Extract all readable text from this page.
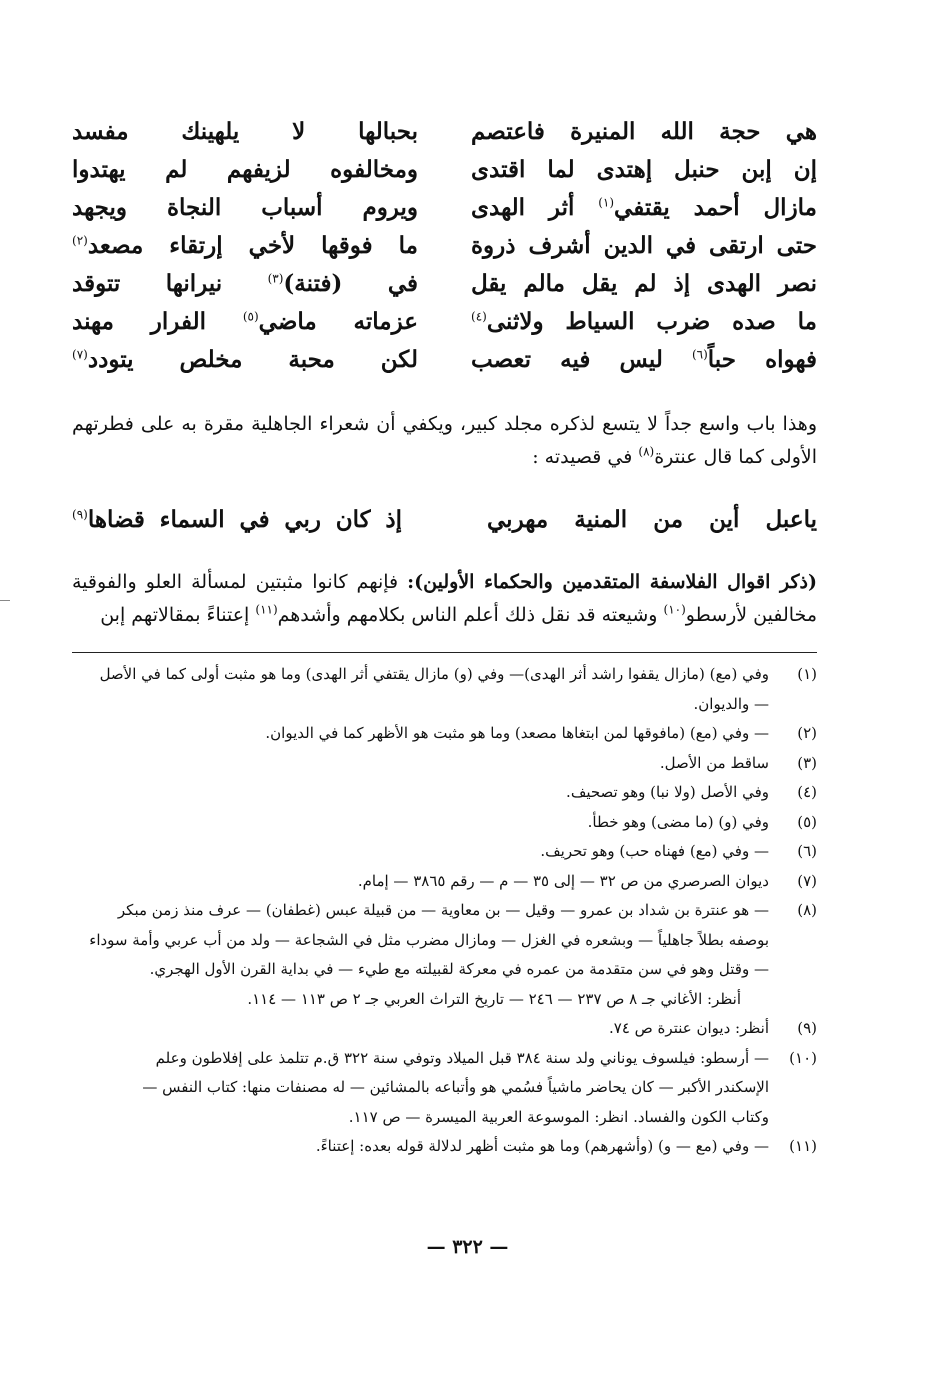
هي حجة الله المنيرة فاعتصم
بحبالها لا يلهينك مفسد
إن إبن حنبل إهتدى لما اقتدى
ومخالفوه لزيفهم لم يهتدوا
مازال أحمد يقتفي$^{(١)}$ أثر الهدى
ويروم أسباب النجاة ويجهد
حتى ارتقى في الدين أشرف ذروة
ما فوقها لأخي إرتقاء مصعد$^{(٢)}$
نصر الهدى إذ لم يقل مالم يقل
في (فتنة)$^{(٣)}$ نيرانها تتوقد
ما صده ضرب السياط ولاثنى$^{(٤)}$
عزماته ماضي$^{(٥)}$ الفرار مهند
فهواه حباً$^{(٦)}$ ليس فيه تعصب
لكن محبة مخلص يتودد$^{(٧)}$
وهذا باب واسع جداً لا يتسع لذكره مجلد كبير، ويكفي أن شعراء الجاهلية مقرة به على فطرتهم الأولى كما قال عنترة$^{(٨)}$ في قصيدته :
ياعبل أين من المنية مهربي
إذ كان ربي في السماء قضاها$^{(٩)}$
(ذكر اقوال الفلاسفة المتقدمين والحكماء الأولين): فإنهم كانوا مثبتين لمسألة العلو والفوقية مخالفين لأرسطو$^{(١٠)}$ وشيعته قد نقل ذلك أعلم الناس بكلامهم وأشدهم$^{(١١)}$ إعتناءً بمقالاتهم إبن
(١)
وفي (مع) (مازال يقفوا راشد أثر الهدى)— وفي (و) مازال يقتفي أثر الهدى) وما هو مثبت أولى كما في الأصل
— والديوان.
(٢)
— وفي (مع) (مافوقها لمن ابتغاها مصعد) وما هو مثبت هو الأظهر كما في الديوان.
(٣)
ساقط من الأصل.
(٤)
وفي الأصل (ولا نبا) وهو تصحيف.
(٥)
وفي (و) (ما مضى) وهو خطأ.
(٦)
— وفي (مع) فهناه حب) وهو تحريف.
(٧)
ديوان الصرصري من ص ٣٢ — إلى ٣٥ — م — رقم ٣٨٦٥ — إمام.
(٨)
— هو عنترة بن شداد بن عمرو — وقيل — بن معاوية — من قبيلة عبس (غطفان) — عرف منذ زمن مبكر
بوصفه بطلاً جاهلياً — وبشعره في الغزل — ومازال مضرب مثل في الشجاعة — ولد من أب عربي وأمة سوداء
— وقتل وهو في سن متقدمة من عمره في معركة لقبيلته مع طيء — في بداية القرن الأول الهجري.
أنظر: الأغاني جـ ٨ ص ٢٣٧ — ٢٤٦ — تاريخ التراث العربي جـ ٢ ص ١١٣ — ١١٤.
(٩)
أنظر: ديوان عنترة ص ٧٤.
(١٠)
— أرسطو: فيلسوف يوناني ولد سنة ٣٨٤ قبل الميلاد وتوفي سنة ٣٢٢ ق.م تتلمذ على إفلاطون وعلم
الإسكندر الأكبر — كان يحاضر ماشياً فسُمي هو وأتباعه بالمشائين — له مصنفات منها: كتاب النفس —
وكتاب الكون والفساد. انظر: الموسوعة العربية الميسرة — ص ١١٧.
(١١)
— وفي (مع — و) (وأشهرهم) وما هو مثبت أظهر لدلالة قوله بعده: إعتناءً.
— ٣٢٢ —
